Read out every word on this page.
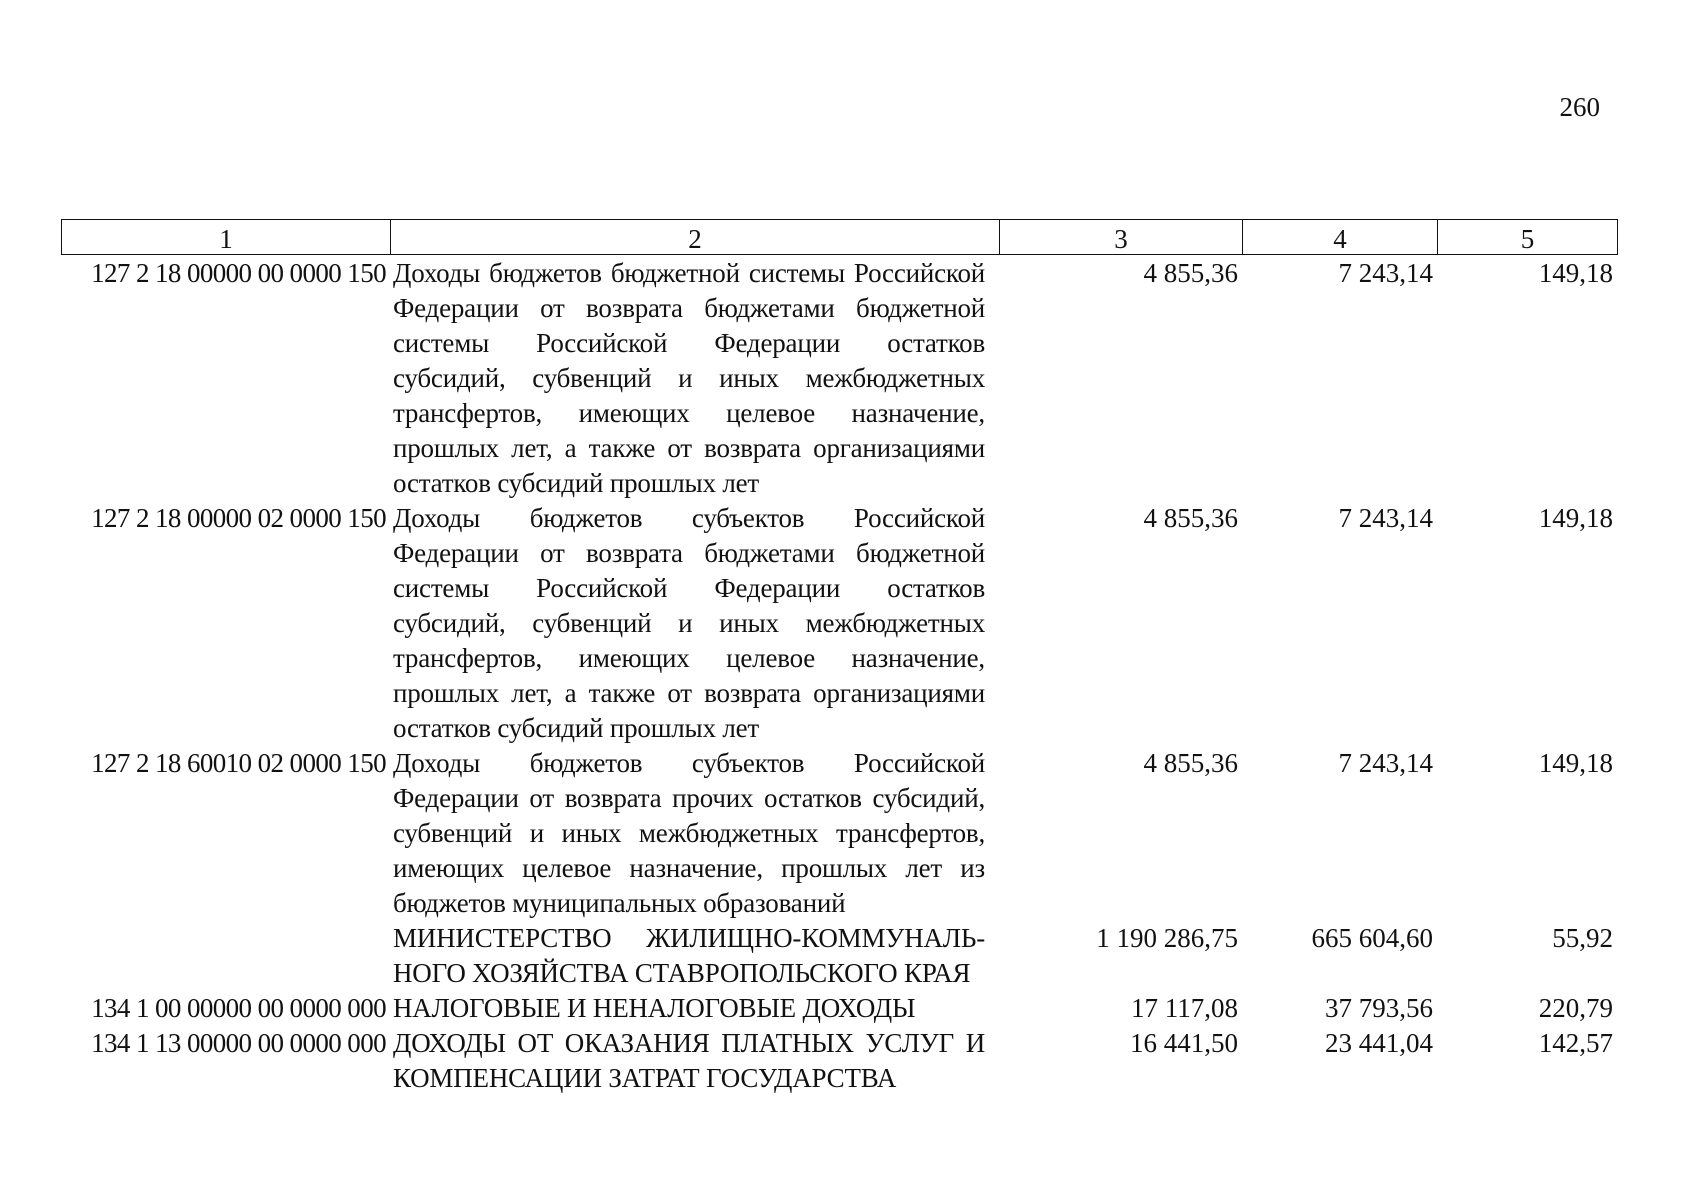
260
1	2	3	4	5
127 2 18 00000 00 0000 150 Доходы бюджетов бюджетной системы Российской
Федерации от возврата бюджетами бюджетной
системы Российской Федерации остатков
субсидий, субвенций и иных межбюджетных
трансфертов, имеющих целевое назначение,
прошлых лет, а также от возврата организациями
остатков субсидий прошлых лет
4 855,36	7 243,14	149,18
127 2 18 00000 02 0000 150 Доходы бюджетов субъектов Российской
Федерации от возврата бюджетами бюджетной
системы Российской Федерации остатков
субсидий, субвенций и иных межбюджетных
трансфертов, имеющих целевое назначение,
прошлых лет, а также от возврата организациями
остатков субсидий прошлых лет
4 855,36	7 243,14	149,18
127 2 18 60010 02 0000 150 Доходы бюджетов субъектов Российской
Федерации от возврата прочих остатков субсидий,
субвенций и иных межбюджетных трансфертов,
имеющих целевое назначение, прошлых лет из
бюджетов муниципальных образований
4 855,36	7 243,14	149,18
МИНИСТЕРСТВО ЖИЛИЩНО-КОММУНАЛЬ-
НОГО ХОЗЯЙСТВА СТАВРОПОЛЬСКОГО КРАЯ
1 190 286,75	665 604,60	55,92
134 1 00 00000 00 0000 000 НАЛОГОВЫЕ И НЕНАЛОГОВЫЕ ДОХОДЫ	17 117,08	37 793,56	220,79
134 1 13 00000 00 0000 000 ДОХОДЫ ОТ ОКАЗАНИЯ ПЛАТНЫХ УСЛУГ И
КОМПЕНСАЦИИ ЗАТРАТ ГОСУДАРСТВА
16 441,50	23 441,04	142,57
